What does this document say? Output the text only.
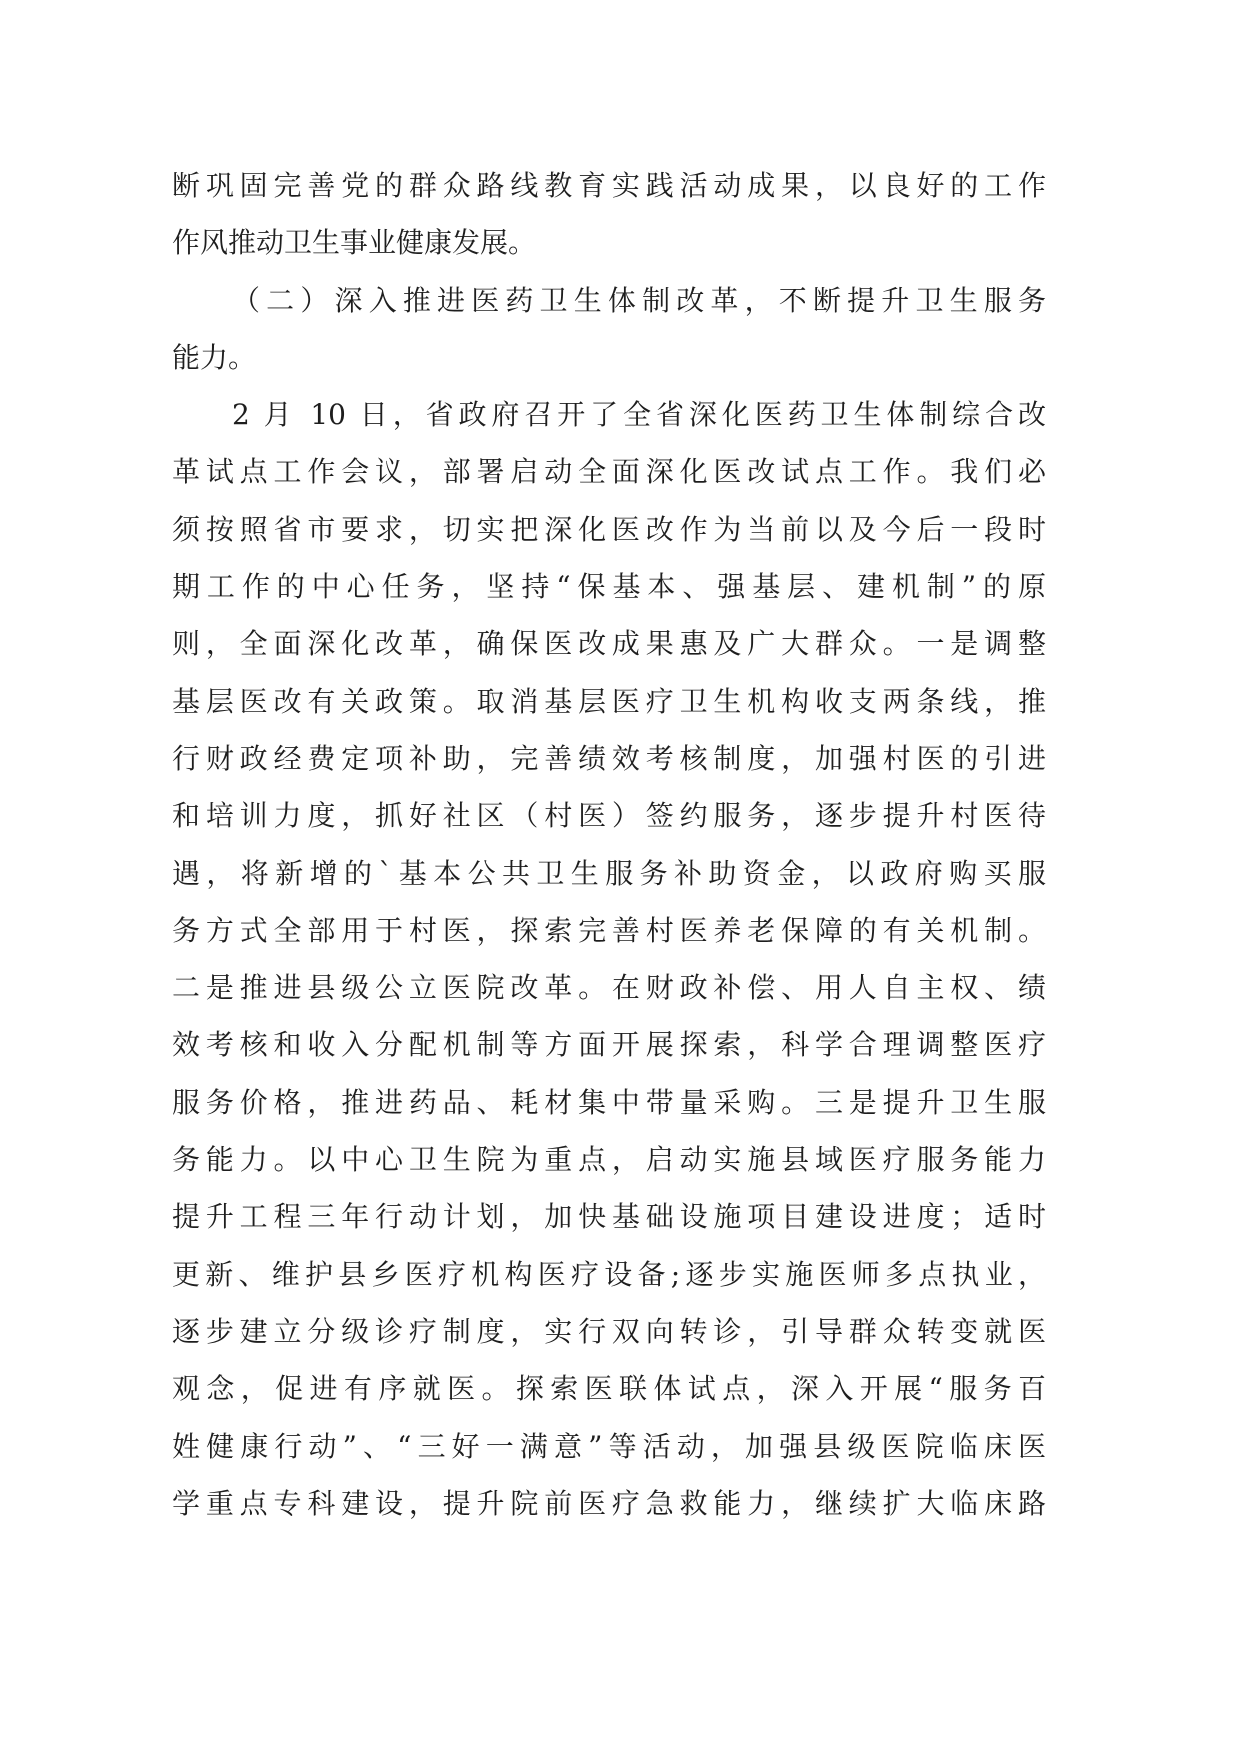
断巩固完善党的群众路线教育实践活动成果，以良好的工作
作风推动卫生事业健康发展。
（二）深入推进医药卫生体制改革，不断提升卫生服务
能力。
2 月 10 日，省政府召开了全省深化医药卫生体制综合改
革试点工作会议，部署启动全面深化医改试点工作。我们必
须按照省市要求，切实把深化医改作为当前以及今后一段时
期工作的中心任务，坚持“保基本、强基层、建机制”的原
则，全面深化改革，确保医改成果惠及广大群众。一是调整
基层医改有关政策。取消基层医疗卫生机构收支两条线，推
行财政经费定项补助，完善绩效考核制度，加强村医的引进
和培训力度，抓好社区（村医）签约服务，逐步提升村医待
遇，将新增的`基本公共卫生服务补助资金，以政府购买服
务方式全部用于村医，探索完善村医养老保障的有关机制。
二是推进县级公立医院改革。在财政补偿、用人自主权、绩
效考核和收入分配机制等方面开展探索，科学合理调整医疗
服务价格，推进药品、耗材集中带量采购。三是提升卫生服
务能力。以中心卫生院为重点，启动实施县域医疗服务能力
提升工程三年行动计划，加快基础设施项目建设进度；适时
更新、维护县乡医疗机构医疗设备;逐步实施医师多点执业，
逐步建立分级诊疗制度，实行双向转诊，引导群众转变就医
观念，促进有序就医。探索医联体试点，深入开展“服务百
姓健康行动”、“三好一满意”等活动，加强县级医院临床医
学重点专科建设，提升院前医疗急救能力，继续扩大临床路
